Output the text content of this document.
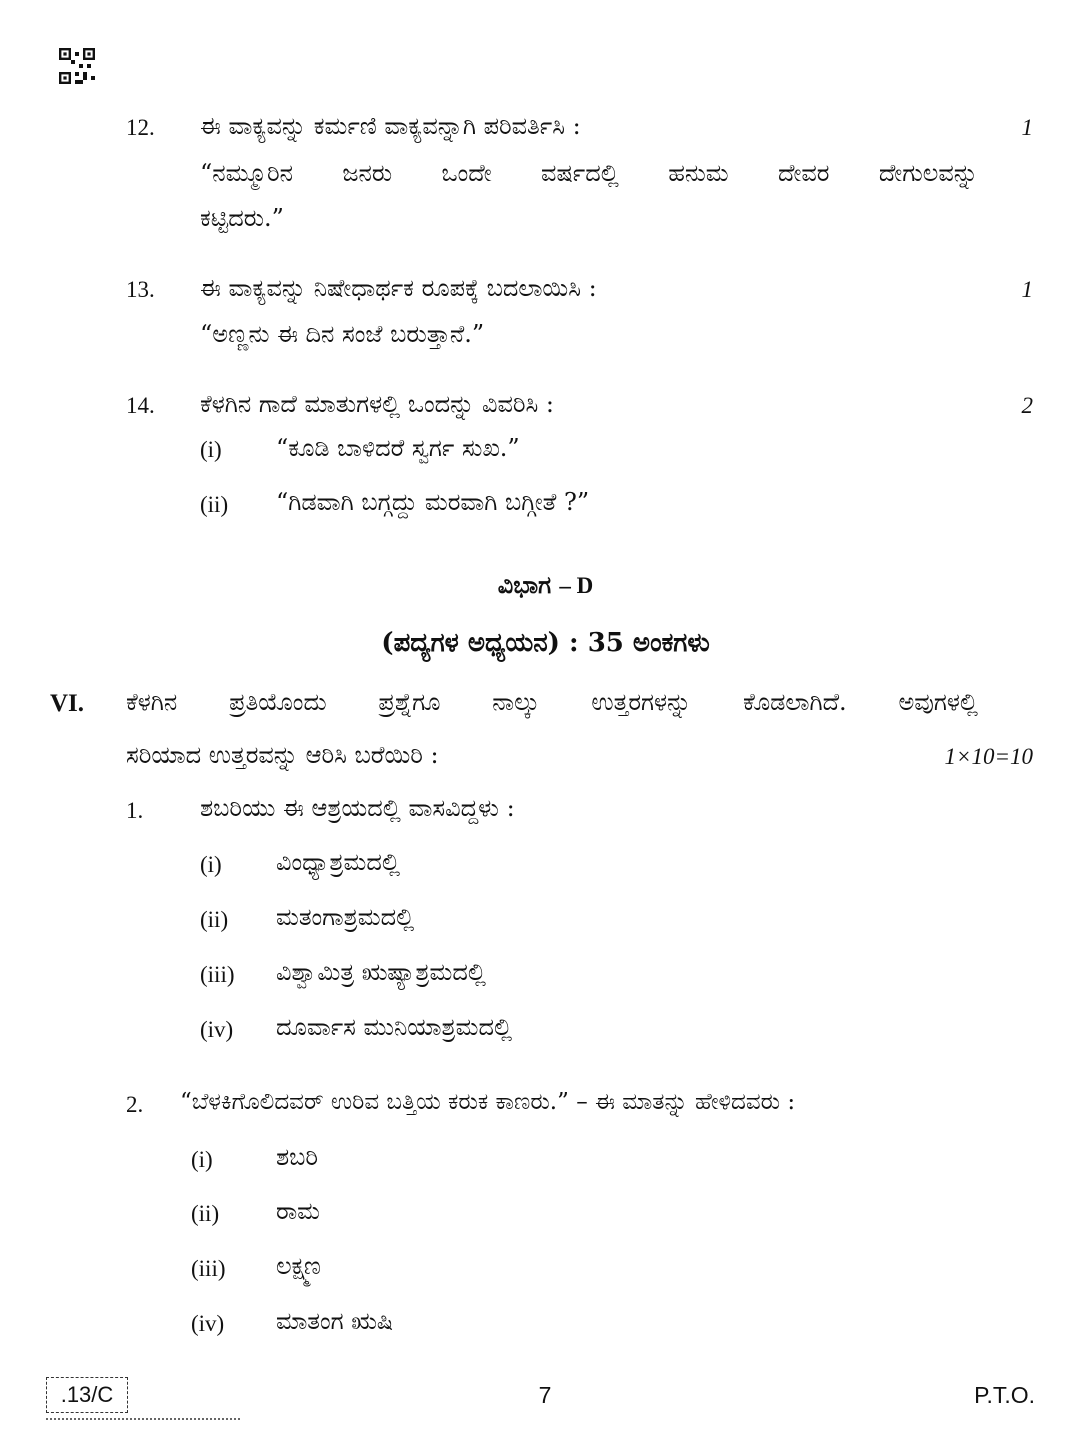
12. ಈ ವಾಕ್ಯವನ್ನು ಕರ್ಮಣಿ ವಾಕ್ಯವನ್ನಾಗಿ ಪರಿವರ್ತಿಸಿ :	1
“ನಮ್ಮೂರಿನ ಜನರು ಒಂದೇ ವರ್ಷದಲ್ಲಿ ಹನುಮ ದೇವರ ದೇಗುಲವನ್ನು
ಕಟ್ಟಿದರು.”
13. ಈ ವಾಕ್ಯವನ್ನು ನಿಷೇಧಾರ್ಥಕ ರೂಪಕ್ಕೆ ಬದಲಾಯಿಸಿ :	1
“ಅಣ್ಣನು ಈ ದಿನ ಸಂಜೆ ಬರುತ್ತಾನೆ.”
14. ಕೆಳಗಿನ ಗಾದೆ ಮಾತುಗಳಲ್ಲಿ ಒಂದನ್ನು ವಿವರಿಸಿ :	2
(i) “ಕೂಡಿ ಬಾಳಿದರೆ ಸ್ವರ್ಗ ಸುಖ.”
(ii) “ಗಿಡವಾಗಿ ಬಗ್ಗದ್ದು ಮರವಾಗಿ ಬಗ್ಗೀತೆ ?”
ವಿಭಾಗ – D
(ಪದ್ಯಗಳ ಅಧ್ಯಯನ) : 35 ಅಂಕಗಳು
VI. ಕೆಳಗಿನ ಪ್ರತಿಯೊಂದು ಪ್ರಶ್ನೆಗೂ ನಾಲ್ಕು ಉತ್ತರಗಳನ್ನು ಕೊಡಲಾಗಿದೆ. ಅವುಗಳಲ್ಲಿ
ಸರಿಯಾದ ಉತ್ತರವನ್ನು ಆರಿಸಿ ಬರೆಯಿರಿ :	1×10=10
1. ಶಬರಿಯು ಈ ಆಶ್ರಯದಲ್ಲಿ ವಾಸವಿದ್ದಳು :
(i) ವಿಂಧ್ಯಾಶ್ರಮದಲ್ಲಿ
(ii) ಮತಂಗಾಶ್ರಮದಲ್ಲಿ
(iii) ವಿಶ್ವಾಮಿತ್ರ ಋಷ್ಯಾಶ್ರಮದಲ್ಲಿ
(iv) ದೂರ್ವಾಸ ಮುನಿಯಾಶ್ರಮದಲ್ಲಿ
2. “ಬೆಳಕಿಗೊಲಿದವರ್ ಉರಿವ ಬತ್ತಿಯ ಕರುಕ ಕಾಣರು.” – ಈ ಮಾತನ್ನು ಹೇಳಿದವರು :
(i)	ಶಬರಿ
(ii) ರಾಮ
(iii) ಲಕ್ಷ್ಮಣ
(iv) ಮಾತಂಗ ಋಷಿ
.13/C	7	P.T.O.
